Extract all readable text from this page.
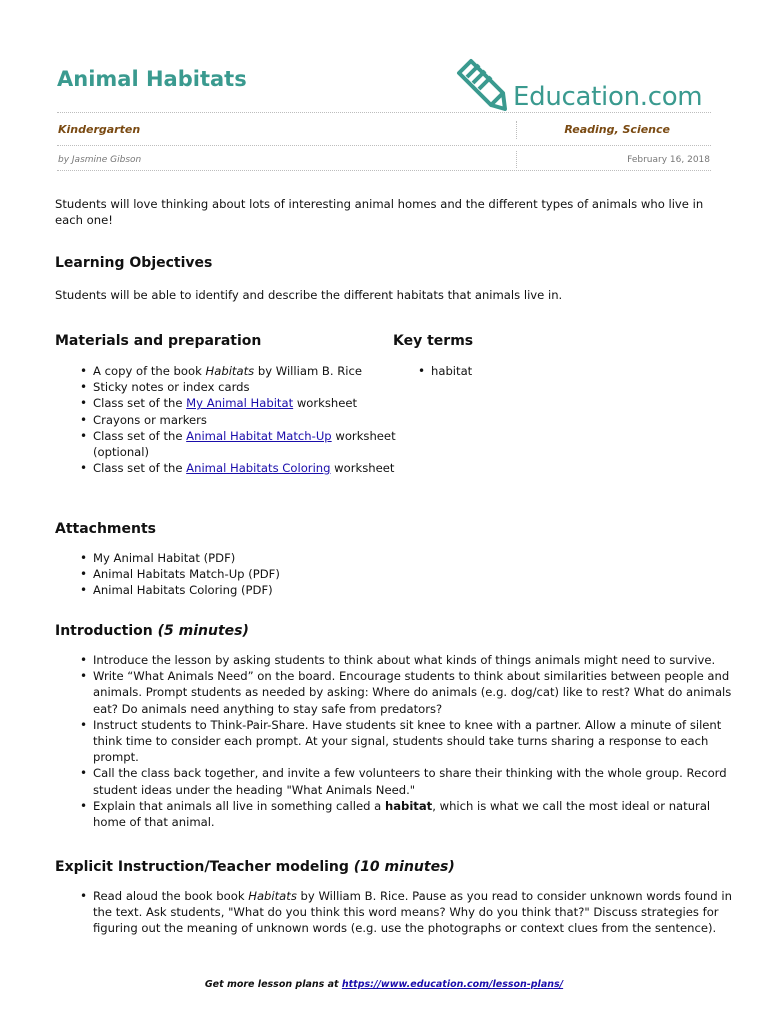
Animal Habitats
Education.com
Kindergarten	Reading, Science
by Jasmine Gibson	February 16, 2018

Students will love thinking about lots of interesting animal homes and the different types of animals who live in each one!

Learning Objectives

Students will be able to identify and describe the different habitats that animals live in.

Materials and preparation
• A copy of the book Habitats by William B. Rice
• Sticky notes or index cards
• Class set of the My Animal Habitat worksheet
• Crayons or markers
• Class set of the Animal Habitat Match-Up worksheet (optional)
• Class set of the Animal Habitats Coloring worksheet
Key terms
• habitat
Attachments
• My Animal Habitat (PDF)
• Animal Habitats Match-Up (PDF)
• Animal Habitats Coloring (PDF)
Introduction (5 minutes)
• Introduce the lesson by asking students to think about what kinds of things animals might need to survive.
• Write “What Animals Need” on the board. Encourage students to think about similarities between people and animals. Prompt students as needed by asking: Where do animals (e.g. dog/cat) like to rest? What do animals eat? Do animals need anything to stay safe from predators?
• Instruct students to Think-Pair-Share. Have students sit knee to knee with a partner. Allow a minute of silent think time to consider each prompt. At your signal, students should take turns sharing a response to each prompt.
• Call the class back together, and invite a few volunteers to share their thinking with the whole group. Record student ideas under the heading "What Animals Need."
• Explain that animals all live in something called a habitat, which is what we call the most ideal or natural home of that animal.
Explicit Instruction/Teacher modeling (10 minutes)
• Read aloud the book book Habitats by William B. Rice. Pause as you read to consider unknown words found in the text. Ask students, "What do you think this word means? Why do you think that?" Discuss strategies for figuring out the meaning of unknown words (e.g. use the photographs or context clues from the sentence).
Get more lesson plans at https://www.education.com/lesson-plans/
